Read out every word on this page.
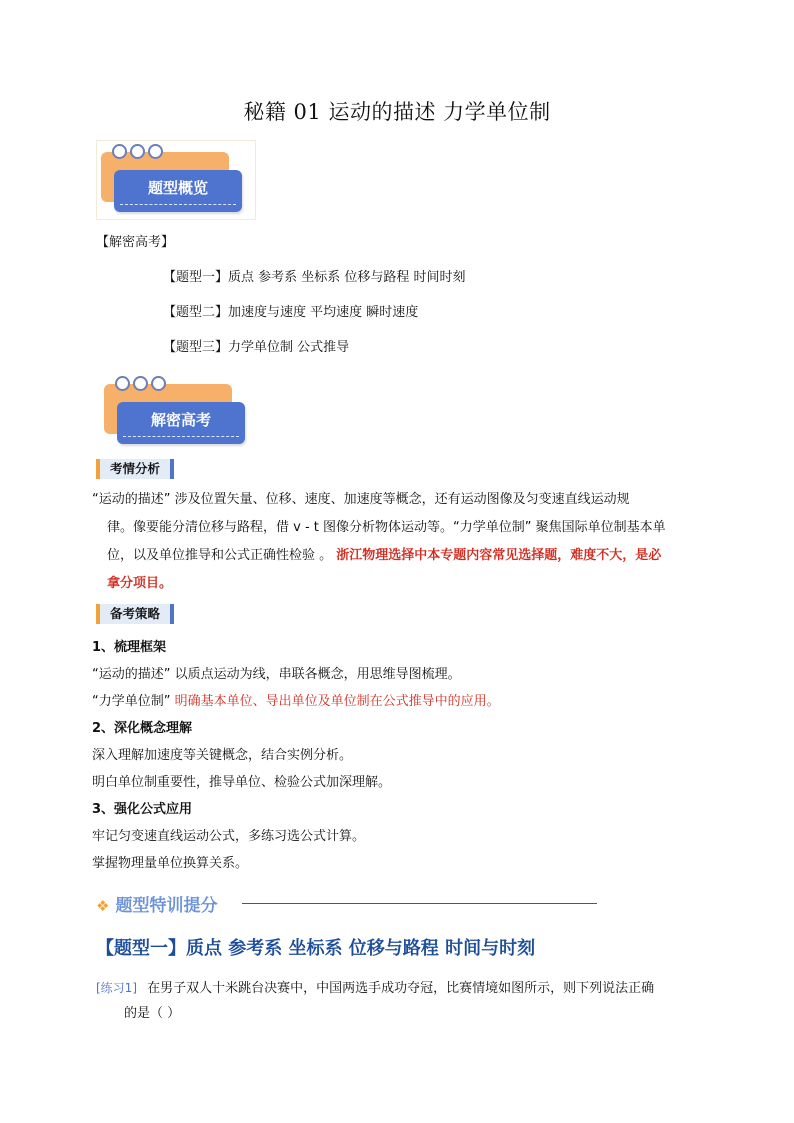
秘籍 01 运动的描述 力学单位制
题型概览
【解密高考】
【题型一】质点 参考系 坐标系 位移与路程 时间时刻
【题型二】加速度与速度 平均速度 瞬时速度
【题型三】力学单位制 公式推导
解密高考
考情分析
“运动的描述” 涉及位置矢量、位移、速度、加速度等概念，还有运动图像及匀变速直线运动规
律。像要能分清位移与路程，借 v - t 图像分析物体运动等。“力学单位制” 聚焦国际单位制基本单
位，以及单位推导和公式正确性检验 。 浙江物理选择中本专题内容常见选择题，难度不大，是必
拿分项目。
备考策略
1、梳理框架
“运动的描述” 以质点运动为线，串联各概念，用思维导图梳理。
“力学单位制” 明确基本单位、导出单位及单位制在公式推导中的应用。
2、深化概念理解
深入理解加速度等关键概念，结合实例分析。
明白单位制重要性，推导单位、检验公式加深理解。
3、强化公式应用
牢记匀变速直线运动公式，多练习选公式计算。
掌握物理量单位换算关系。
❖ 题型特训提分
【题型一】质点 参考系 坐标系 位移与路程 时间与时刻
[练习1] 在男子双人十米跳台决赛中，中国两选手成功夺冠，比赛情境如图所示，则下列说法正确
的是（ ）
